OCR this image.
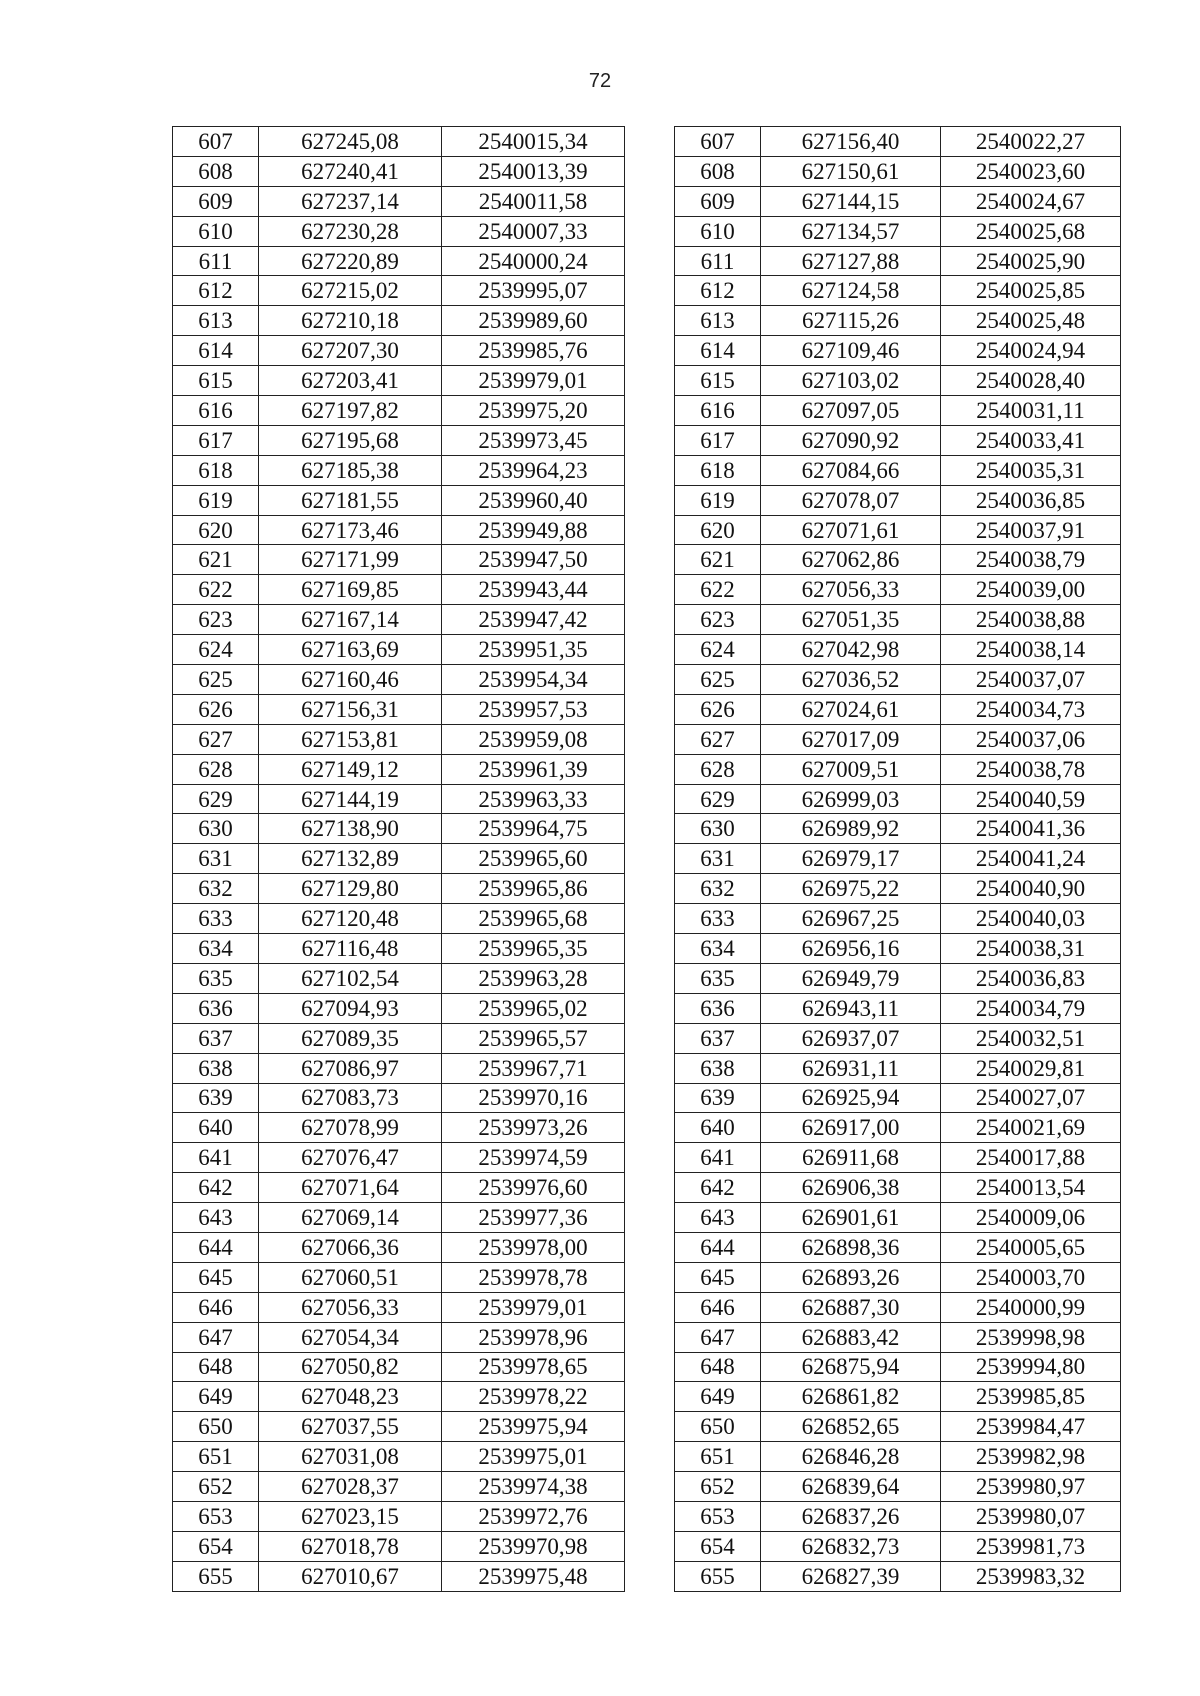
72
607	627245,08	2540015,34		607	627156,40	2540022,27
608	627240,41	2540013,39		608	627150,61	2540023,60
609	627237,14	2540011,58		609	627144,15	2540024,67
610	627230,28	2540007,33		610	627134,57	2540025,68
611	627220,89	2540000,24		611	627127,88	2540025,90
612	627215,02	2539995,07		612	627124,58	2540025,85
613	627210,18	2539989,60		613	627115,26	2540025,48
614	627207,30	2539985,76		614	627109,46	2540024,94
615	627203,41	2539979,01		615	627103,02	2540028,40
616	627197,82	2539975,20		616	627097,05	2540031,11
617	627195,68	2539973,45		617	627090,92	2540033,41
618	627185,38	2539964,23		618	627084,66	2540035,31
619	627181,55	2539960,40		619	627078,07	2540036,85
620	627173,46	2539949,88		620	627071,61	2540037,91
621	627171,99	2539947,50		621	627062,86	2540038,79
622	627169,85	2539943,44		622	627056,33	2540039,00
623	627167,14	2539947,42		623	627051,35	2540038,88
624	627163,69	2539951,35		624	627042,98	2540038,14
625	627160,46	2539954,34		625	627036,52	2540037,07
626	627156,31	2539957,53		626	627024,61	2540034,73
627	627153,81	2539959,08		627	627017,09	2540037,06
628	627149,12	2539961,39		628	627009,51	2540038,78
629	627144,19	2539963,33		629	626999,03	2540040,59
630	627138,90	2539964,75		630	626989,92	2540041,36
631	627132,89	2539965,60		631	626979,17	2540041,24
632	627129,80	2539965,86		632	626975,22	2540040,90
633	627120,48	2539965,68		633	626967,25	2540040,03
634	627116,48	2539965,35		634	626956,16	2540038,31
635	627102,54	2539963,28		635	626949,79	2540036,83
636	627094,93	2539965,02		636	626943,11	2540034,79
637	627089,35	2539965,57		637	626937,07	2540032,51
638	627086,97	2539967,71		638	626931,11	2540029,81
639	627083,73	2539970,16		639	626925,94	2540027,07
640	627078,99	2539973,26		640	626917,00	2540021,69
641	627076,47	2539974,59		641	626911,68	2540017,88
642	627071,64	2539976,60		642	626906,38	2540013,54
643	627069,14	2539977,36		643	626901,61	2540009,06
644	627066,36	2539978,00		644	626898,36	2540005,65
645	627060,51	2539978,78		645	626893,26	2540003,70
646	627056,33	2539979,01		646	626887,30	2540000,99
647	627054,34	2539978,96		647	626883,42	2539998,98
648	627050,82	2539978,65		648	626875,94	2539994,80
649	627048,23	2539978,22		649	626861,82	2539985,85
650	627037,55	2539975,94		650	626852,65	2539984,47
651	627031,08	2539975,01		651	626846,28	2539982,98
652	627028,37	2539974,38		652	626839,64	2539980,97
653	627023,15	2539972,76		653	626837,26	2539980,07
654	627018,78	2539970,98		654	626832,73	2539981,73
655	627010,67	2539975,48		655	626827,39	2539983,32
